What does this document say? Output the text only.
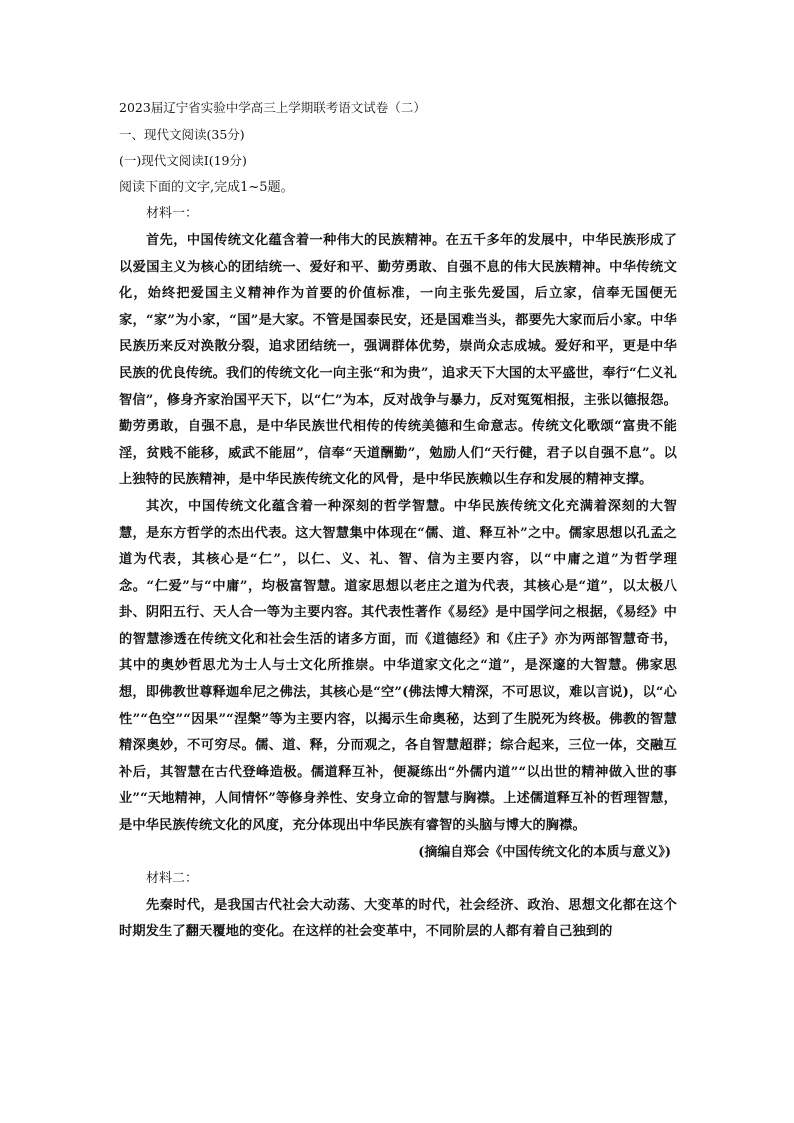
2023届辽宁省实验中学高三上学期联考语文试卷（二）
一、现代文阅读(35分)
(一)现代文阅读Ⅰ(19分)
阅读下面的文字,完成1~5题。
材料一：

首先，中国传统文化蕴含着一种伟大的民族精神。在五千多年的发展中，中华民族形成了以爱国主义为核心的团结统一、爱好和平、勤劳勇敢、自强不息的伟大民族精神。中华传统文化，始终把爱国主义精神作为首要的价值标准，一向主张先爱国，后立家，信奉无国便无家，“家”为小家，“国”是大家。不管是国泰民安，还是国难当头，都要先大家而后小家。中华民族历来反对涣散分裂，追求团结统一，强调群体优势，崇尚众志成城。爱好和平，更是中华民族的优良传统。我们的传统文化一向主张“和为贵”，追求天下大国的太平盛世，奉行“仁义礼智信”，修身齐家治国平天下，以“仁”为本，反对战争与暴力，反对冤冤相报，主张以德报怨。勤劳勇敢，自强不息，是中华民族世代相传的传统美德和生命意志。传统文化歌颂“富贵不能淫，贫贱不能移，威武不能屈”，信奉“天道酬勤”，勉励人们“天行健，君子以自强不息”。以上独特的民族精神，是中华民族传统文化的风骨，是中华民族赖以生存和发展的精神支撑。

其次，中国传统文化蕴含着一种深刻的哲学智慧。中华民族传统文化充满着深刻的大智慧，是东方哲学的杰出代表。这大智慧集中体现在“儒、道、释互补”之中。儒家思想以孔孟之道为代表，其核心是“仁”，以仁、义、礼、智、信为主要内容，以“中庸之道”为哲学理念。“仁爱”与“中庸”，均极富智慧。道家思想以老庄之道为代表，其核心是“道”，以太极八卦、阴阳五行、天人合一等为主要内容。其代表性著作《易经》是中国学问之根据，《易经》中的智慧渗透在传统文化和社会生活的诸多方面，而《道德经》和《庄子》亦为两部智慧奇书，其中的奥妙哲思尤为士人与士文化所推崇。中华道家文化之“道”，是深邃的大智慧。佛家思想，即佛教世尊释迦牟尼之佛法，其核心是“空”(佛法博大精深，不可思议，难以言说)，以“心性”“色空”“因果”“涅槃”等为主要内容，以揭示生命奥秘，达到了生脱死为终极。佛教的智慧精深奥妙，不可穷尽。儒、道、释，分而观之，各自智慧超群；综合起来，三位一体，交融互补后，其智慧在古代登峰造极。儒道释互补，便凝练出“外儒内道”“以出世的精神做入世的事业”“天地精神，人间情怀”等修身养性、安身立命的智慧与胸襟。上述儒道释互补的哲理智慧，是中华民族传统文化的风度，充分体现出中华民族有睿智的头脑与博大的胸襟。

(摘编自郑会《中国传统文化的本质与意义》)
材料二：

先秦时代，是我国古代社会大动荡、大变革的时代，社会经济、政治、思想文化都在这个时期发生了翻天覆地的变化。在这样的社会变革中，不同阶层的人都有着自己独到的
